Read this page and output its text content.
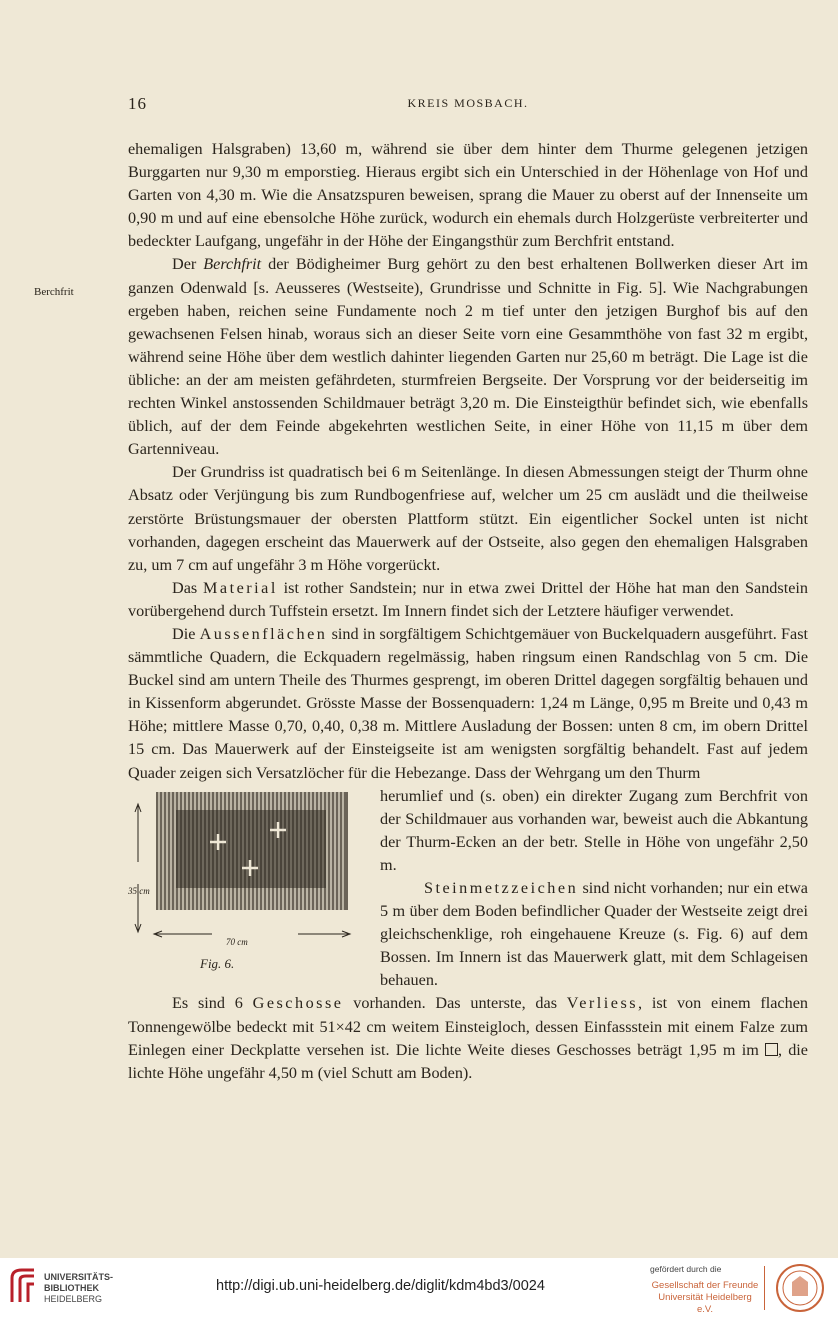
16	KREIS MOSBACH.
Berchfrit

ehemaligen Halsgraben) 13,60 m, während sie über dem hinter dem Thurme gelegenen jetzigen Burggarten nur 9,30 m emporstieg. Hieraus ergibt sich ein Unterschied in der Höhenlage von Hof und Garten von 4,30 m. Wie die Ansatzspuren beweisen, sprang die Mauer zu oberst auf der Innenseite um 0,90 m und auf eine ebensolche Höhe zurück, wodurch ein ehemals durch Holzgerüste verbreiterter und bedeckter Laufgang, ungefähr in der Höhe der Eingangsthür zum Berchfrit entstand.

Der Berchfrit der Bödigheimer Burg gehört zu den best erhaltenen Bollwerken dieser Art im ganzen Odenwald [s. Aeusseres (Westseite), Grundrisse und Schnitte in Fig. 5]. Wie Nachgrabungen ergeben haben, reichen seine Fundamente noch 2 m tief unter den jetzigen Burghof bis auf den gewachsenen Felsen hinab, woraus sich an dieser Seite vorn eine Gesammthöhe von fast 32 m ergibt, während seine Höhe über dem westlich dahinter liegenden Garten nur 25,60 m beträgt. Die Lage ist die übliche: an der am meisten gefährdeten, sturmfreien Bergseite. Der Vorsprung vor der beiderseitig im rechten Winkel anstossenden Schildmauer beträgt 3,20 m. Die Einsteigthür befindet sich, wie ebenfalls üblich, auf der dem Feinde abgekehrten westlichen Seite, in einer Höhe von 11,15 m über dem Gartenniveau.

Der Grundriss ist quadratisch bei 6 m Seitenlänge. In diesen Abmessungen steigt der Thurm ohne Absatz oder Verjüngung bis zum Rundbogenfriese auf, welcher um 25 cm auslädt und die theilweise zerstörte Brüstungsmauer der obersten Plattform stützt. Ein eigentlicher Sockel unten ist nicht vorhanden, dagegen erscheint das Mauerwerk auf der Ostseite, also gegen den ehemaligen Halsgraben zu, um 7 cm auf ungefähr 3 m Höhe vorgerückt.

Das Material ist rother Sandstein; nur in etwa zwei Drittel der Höhe hat man den Sandstein vorübergehend durch Tuffstein ersetzt. Im Innern findet sich der Letztere häufiger verwendet.

Die Aussenflächen sind in sorgfältigem Schichtgemäuer von Buckelquadern ausgeführt. Fast sämmtliche Quadern, die Eckquadern regelmässig, haben ringsum einen Randschlag von 5 cm. Die Buckel sind am untern Theile des Thurmes gesprengt, im oberen Drittel dagegen sorgfältig behauen und in Kissenform abgerundet. Grösste Masse der Bossenquadern: 1,24 m Länge, 0,95 m Breite und 0,43 m Höhe; mittlere Masse 0,70, 0,40, 0,38 m. Mittlere Ausladung der Bossen: unten 8 cm, im obern Drittel 15 cm. Das Mauerwerk auf der Einsteigseite ist am wenigsten sorgfältig behandelt. Fast auf jedem Quader zeigen sich Versatzlöcher für die Hebezange. Dass der Wehrgang um den Thurm

35 cm
70 cm
Fig. 6.

herumlief und (s. oben) ein direkter Zugang zum Berchfrit von der Schildmauer aus vorhanden war, beweist auch die Abkantung der Thurm-Ecken an der betr. Stelle in Höhe von ungefähr 2,50 m.

Steinmetzzeichen sind nicht vorhanden; nur ein etwa 5 m über dem Boden befindlicher Quader der Westseite zeigt drei gleichschenklige, roh eingehauene Kreuze (s. Fig. 6) auf dem Bossen. Im Innern ist das Mauerwerk glatt, mit dem Schlageisen behauen.

Es sind 6 Geschosse vorhanden. Das unterste, das Verliess, ist von einem flachen Tonnengewölbe bedeckt mit 51×42 cm weitem Einsteigloch, dessen Einfassstein mit einem Falze zum Einlegen einer Deckplatte versehen ist. Die lichte Weite dieses Geschosses beträgt 1,95 m im , die lichte Höhe ungefähr 4,50 m (viel Schutt am Boden).

UNIVERSITÄTS-
BIBLIOTHEK
HEIDELBERG
http://digi.ub.uni-heidelberg.de/diglit/kdm4bd3/0024
gefördert durch die
Gesellschaft der Freunde
Universität Heidelberg e.V.
